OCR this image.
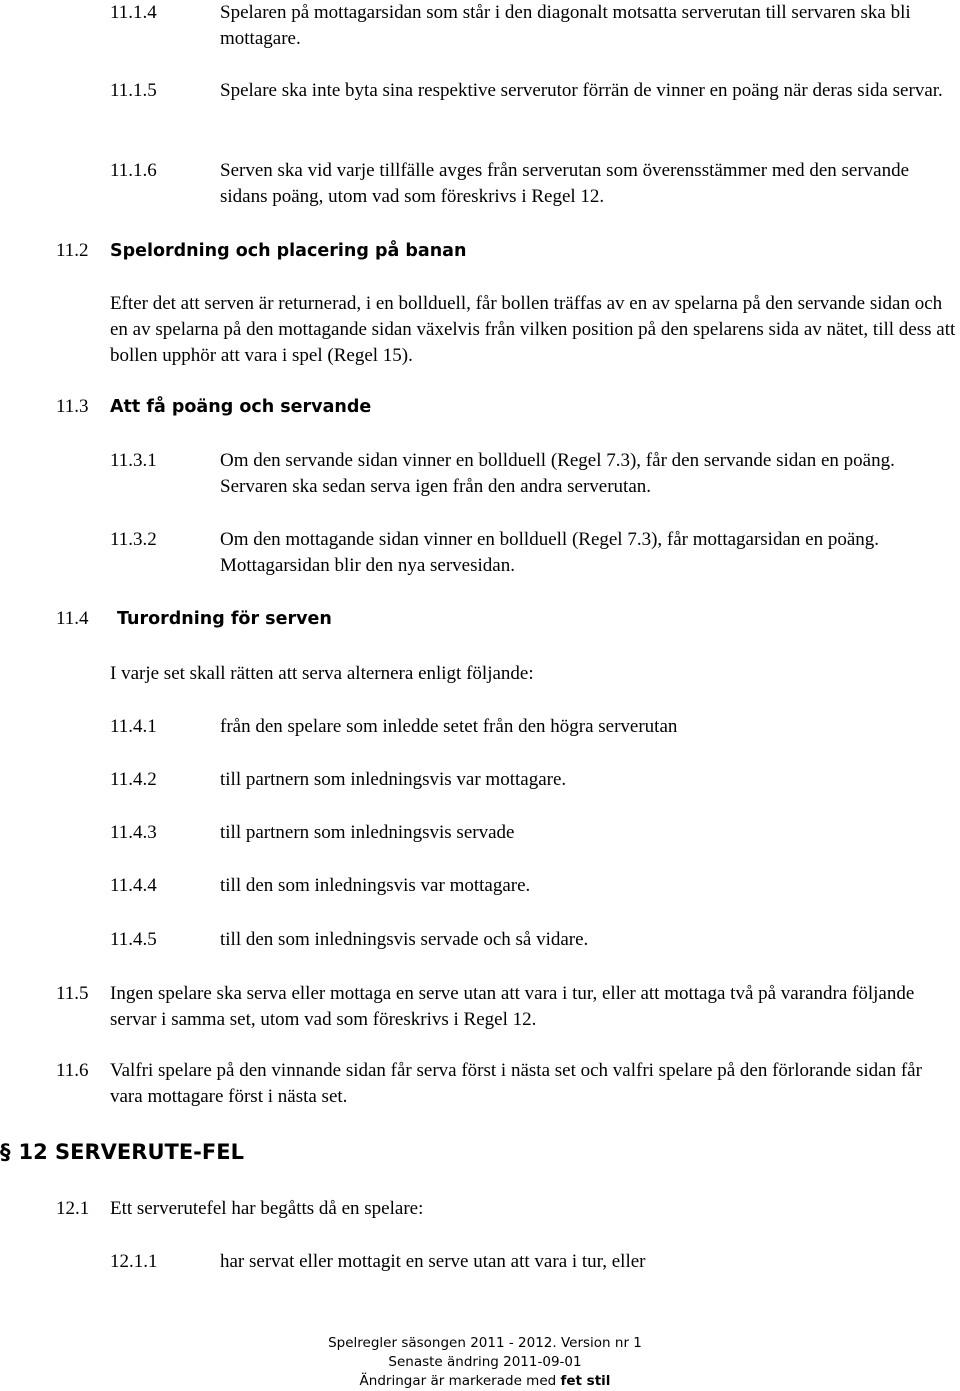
11.1.4	Spelaren på mottagarsidan som står i den diagonalt motsatta serverutan till servaren ska bli mottagare.
11.1.5	Spelare ska inte byta sina respektive serverutor förrän de vinner en poäng när deras sida servar.
11.1.6	Serven ska vid varje tillfälle avges från serverutan som överensstämmer med den servande sidans poäng, utom vad som föreskrivs i Regel 12.
11.2 Spelordning och placering på banan
Efter det att serven är returnerad, i en bollduell, får bollen träffas av en av spelarna på den servande sidan och en av spelarna på den mottagande sidan växelvis från vilken position på den spelarens sida av nätet, till dess att bollen upphör att vara i spel (Regel 15).
11.3 Att få poäng och servande
11.3.1	Om den servande sidan vinner en bollduell (Regel 7.3), får den servande sidan en poäng. Servaren ska sedan serva igen från den andra serverutan.
11.3.2	Om den mottagande sidan vinner en bollduell (Regel 7.3), får mottagarsidan en poäng. Mottagarsidan blir den nya servesidan.
11.4 Turordning för serven
I varje set skall rätten att serva alternera enligt följande:
11.4.1	från den spelare som inledde setet från den högra serverutan
11.4.2	till partnern som inledningsvis var mottagare.
11.4.3	till partnern som inledningsvis servade
11.4.4	till den som inledningsvis var mottagare.
11.4.5	till den som inledningsvis servade och så vidare.
11.5 Ingen spelare ska serva eller mottaga en serve utan att vara i tur, eller att mottaga två på varandra följande servar i samma set, utom vad som föreskrivs i Regel 12.
11.6 Valfri spelare på den vinnande sidan får serva först i nästa set och valfri spelare på den förlorande sidan får vara mottagare först i nästa set.
§ 12 SERVERUTE-FEL
12.1 Ett serverutefel har begåtts då en spelare:
12.1.1	har servat eller mottagit en serve utan att vara i tur, eller
Spelregler säsongen 2011 - 2012. Version nr 1
Senaste ändring 2011-09-01
Ändringar är markerade med fet stil
